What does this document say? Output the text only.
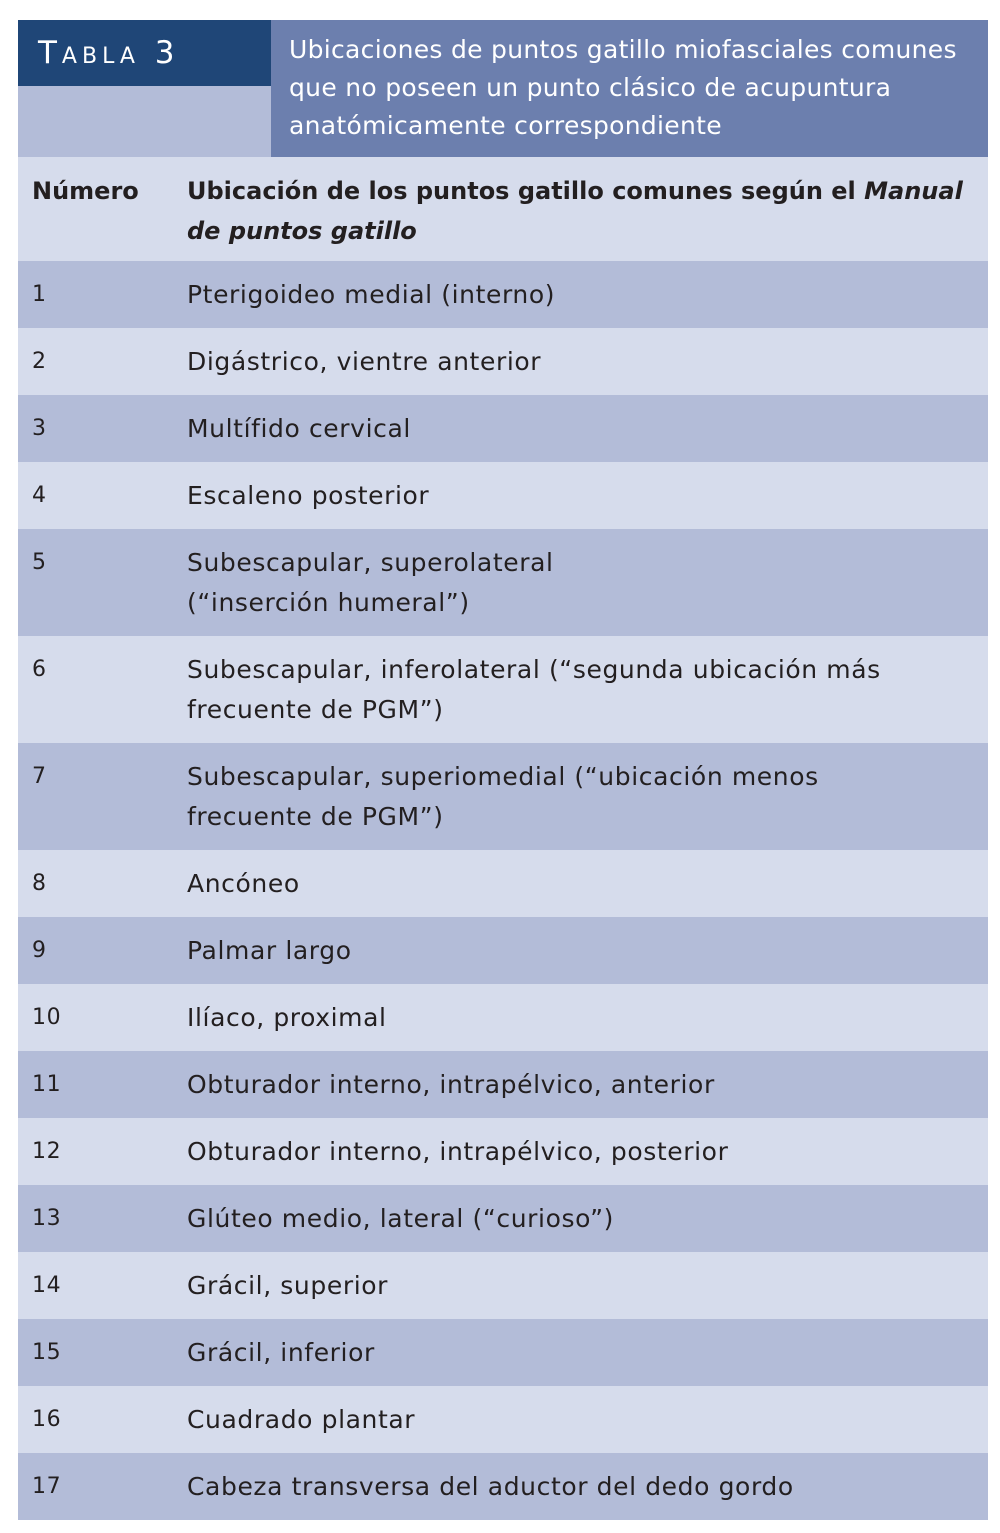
Tabla 3	Ubicaciones de puntos gatillo miofasciales comunes que no poseen un punto clásico de acupuntura anatómicamente correspondiente
Número	Ubicación de los puntos gatillo comunes según el Manual de puntos gatillo
1	Pterigoideo medial (interno)
2	Digástrico, vientre anterior
3	Multífido cervical
4	Escaleno posterior
5	Subescapular, superolateral (“inserción humeral”)
6	Subescapular, inferolateral (“segunda ubicación más frecuente de PGM”)
7	Subescapular, superiomedial (“ubicación menos frecuente de PGM”)
8	Ancóneo
9	Palmar largo
10	Ilíaco, proximal
11	Obturador interno, intrapélvico, anterior
12	Obturador interno, intrapélvico, posterior
13	Glúteo medio, lateral (“curioso”)
14	Grácil, superior
15	Grácil, inferior
16	Cuadrado plantar
17	Cabeza transversa del aductor del dedo gordo
